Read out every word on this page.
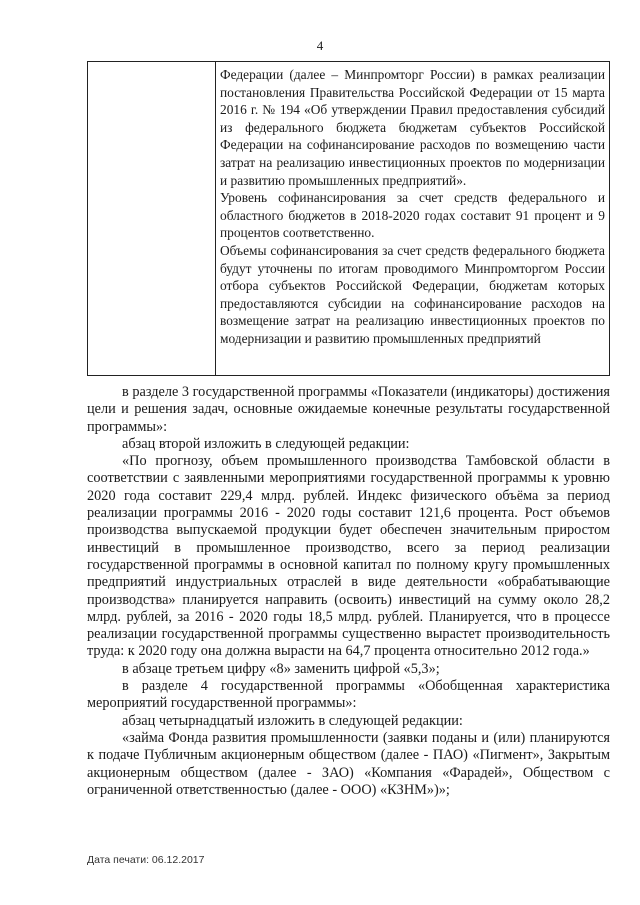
4

Федерации (далее – Минпромторг России) в рамках реализации постановления Правительства Российской Федерации от 15 марта 2016 г. № 194 «Об утверждении Правил предоставления субсидий из федерального бюджета бюджетам субъектов Российской Федерации на софинансирование расходов по возмещению части затрат на реализацию инвестиционных проектов по модернизации и развитию промышленных предприятий».

Уровень софинансирования за счет средств федерального и областного бюджетов в 2018-2020 годах составит 91 процент и 9 процентов соответственно.

Объемы софинансирования за счет средств федерального бюджета будут уточнены по итогам проводимого Минпромторгом России отбора субъектов Российской Федерации, бюджетам которых предоставляются субсидии на софинансирование расходов на возмещение затрат на реализацию инвестиционных проектов по модернизации и развитию промышленных предприятий

в разделе 3 государственной программы «Показатели (индикаторы) достижения цели и решения задач, основные ожидаемые конечные результаты государственной программы»:

абзац второй изложить в следующей редакции:

«По прогнозу, объем промышленного производства Тамбовской области в соответствии с заявленными мероприятиями государственной программы к уровню 2020 года составит 229,4 млрд. рублей. Индекс физического объёма за период реализации программы 2016 - 2020 годы составит 121,6 процента. Рост объемов производства выпускаемой продукции будет обеспечен значительным приростом инвестиций в промышленное производство, всего за период реализации государственной программы в основной капитал по полному кругу промышленных предприятий индустриальных отраслей в виде деятельности «обрабатывающие производства» планируется направить (освоить) инвестиций на сумму около 28,2 млрд. рублей, за 2016 - 2020 годы 18,5 млрд. рублей. Планируется, что в процессе реализации государственной программы существенно вырастет производительность труда: к 2020 году она должна вырасти на 64,7 процента относительно 2012 года.»

в абзаце третьем цифру «8» заменить цифрой «5,3»;

в разделе 4 государственной программы «Обобщенная характеристика мероприятий государственной программы»:

абзац четырнадцатый изложить в следующей редакции:

«займа Фонда развития промышленности (заявки поданы и (или) планируются к подаче Публичным акционерным обществом (далее - ПАО) «Пигмент», Закрытым акционерным обществом (далее - ЗАО) «Компания «Фарадей», Обществом с ограниченной ответственностью (далее - ООО) «КЗНМ»)»;

Дата печати: 06.12.2017
